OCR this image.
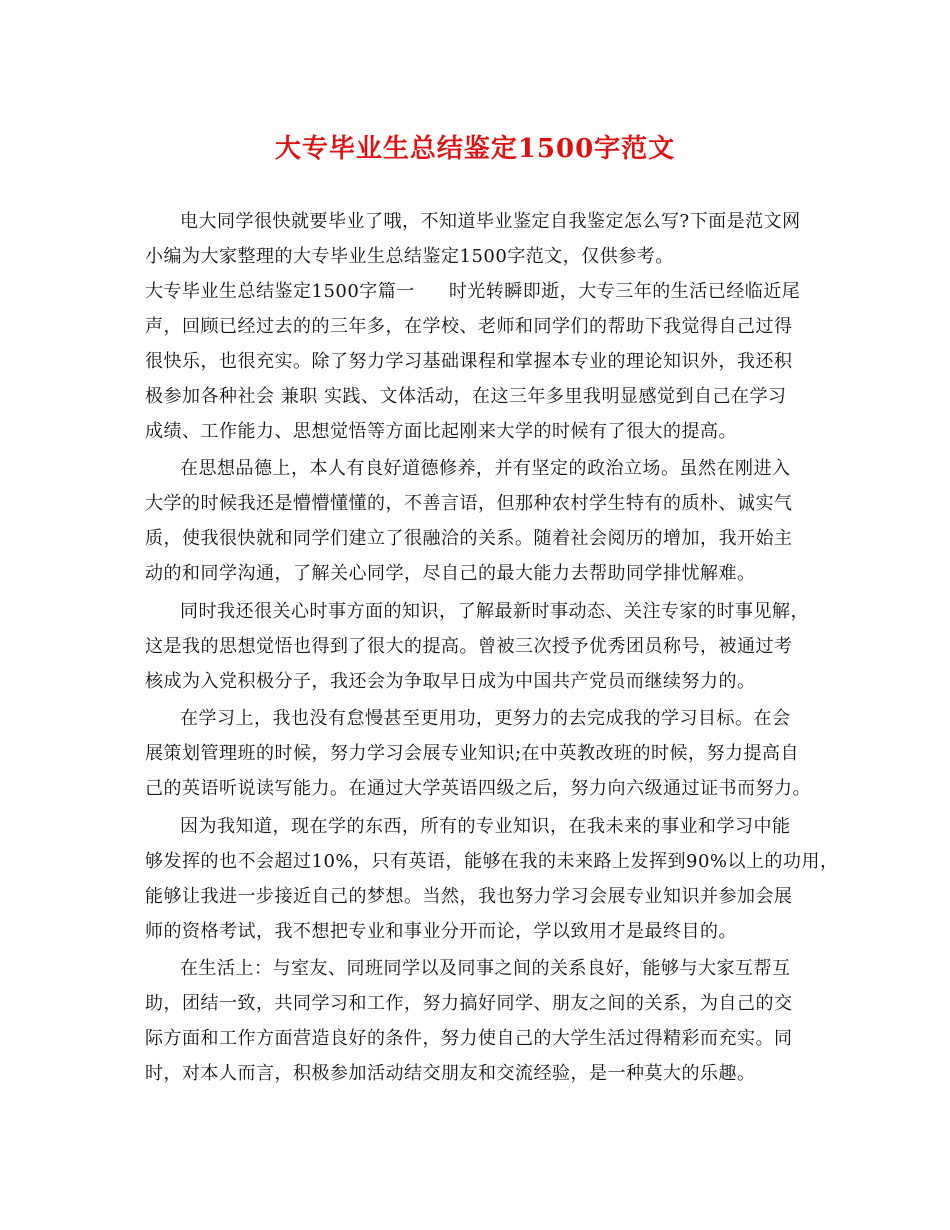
大专毕业生总结鉴定1500字范文
电大同学很快就要毕业了哦，不知道毕业鉴定自我鉴定怎么写?下面是范文网
小编为大家整理的大专毕业生总结鉴定1500字范文，仅供参考。
大专毕业生总结鉴定1500字篇一 时光转瞬即逝，大专三年的生活已经临近尾
声，回顾已经过去的的三年多，在学校、老师和同学们的帮助下我觉得自己过得
很快乐，也很充实。除了努力学习基础课程和掌握本专业的理论知识外，我还积
极参加各种社会 兼职 实践、文体活动，在这三年多里我明显感觉到自己在学习
成绩、工作能力、思想觉悟等方面比起刚来大学的时候有了很大的提高。
在思想品德上，本人有良好道德修养，并有坚定的政治立场。虽然在刚进入
大学的时候我还是懵懵懂懂的，不善言语，但那种农村学生特有的质朴、诚实气
质，使我很快就和同学们建立了很融洽的关系。随着社会阅历的增加，我开始主
动的和同学沟通，了解关心同学，尽自己的最大能力去帮助同学排忧解难。
同时我还很关心时事方面的知识，了解最新时事动态、关注专家的时事见解，
这是我的思想觉悟也得到了很大的提高。曾被三次授予优秀团员称号，被通过考
核成为入党积极分子，我还会为争取早日成为中国共产党员而继续努力的。
在学习上，我也没有怠慢甚至更用功，更努力的去完成我的学习目标。在会
展策划管理班的时候，努力学习会展专业知识;在中英教改班的时候，努力提高自
己的英语听说读写能力。在通过大学英语四级之后，努力向六级通过证书而努力。
因为我知道，现在学的东西，所有的专业知识，在我未来的事业和学习中能
够发挥的也不会超过10%，只有英语，能够在我的未来路上发挥到90%以上的功用，
能够让我进一步接近自己的梦想。当然，我也努力学习会展专业知识并参加会展
师的资格考试，我不想把专业和事业分开而论，学以致用才是最终目的。
在生活上：与室友、同班同学以及同事之间的关系良好，能够与大家互帮互
助，团结一致，共同学习和工作，努力搞好同学、朋友之间的关系，为自己的交
际方面和工作方面营造良好的条件，努力使自己的大学生活过得精彩而充实。同
时，对本人而言，积极参加活动结交朋友和交流经验，是一种莫大的乐趣。
